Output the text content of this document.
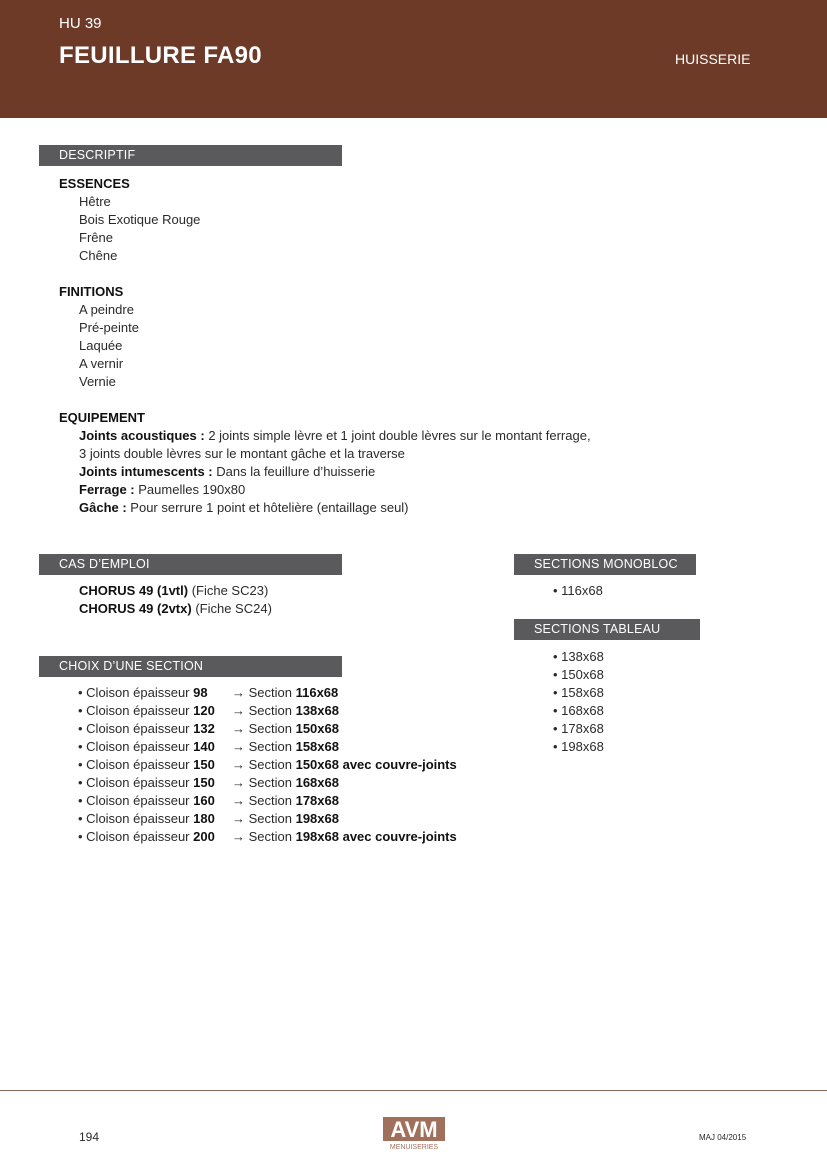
HU 39
FEUILLURE FA90	HUISSERIE
DESCRIPTIF
ESSENCES
Hêtre
Bois Exotique Rouge
Frêne
Chêne
FINITIONS
A peindre
Pré-peinte
Laquée
A vernir
Vernie
EQUIPEMENT
Joints acoustiques : 2 joints simple lèvre et 1 joint double lèvres sur le montant ferrage,
3 joints double lèvres sur le montant gâche et la traverse
Joints intumescents : Dans la feuillure d’huisserie
Ferrage : Paumelles 190x80
Gâche : Pour serrure 1 point et hôtelière (entaillage seul)
CAS D’EMPLOI
CHORUS 49 (1vtl) (Fiche SC23)
CHORUS 49 (2vtx) (Fiche SC24)
CHOIX D’UNE SECTION
• Cloison épaisseur 98	→ Section 116x68
• Cloison épaisseur 120	→ Section 138x68
• Cloison épaisseur 132	→ Section 150x68
• Cloison épaisseur 140	→ Section 158x68
• Cloison épaisseur 150	→ Section 150x68 avec couvre-joints
• Cloison épaisseur 150	→ Section 168x68
• Cloison épaisseur 160	→ Section 178x68
• Cloison épaisseur 180	→ Section 198x68
• Cloison épaisseur 200	→ Section 198x68 avec couvre-joints
SECTIONS MONOBLOC
• 116x68
SECTIONS TABLEAU
• 138x68
• 150x68
• 158x68
• 168x68
• 178x68
• 198x68
194	AVM
MENUISERIES
MAJ 04/2015
